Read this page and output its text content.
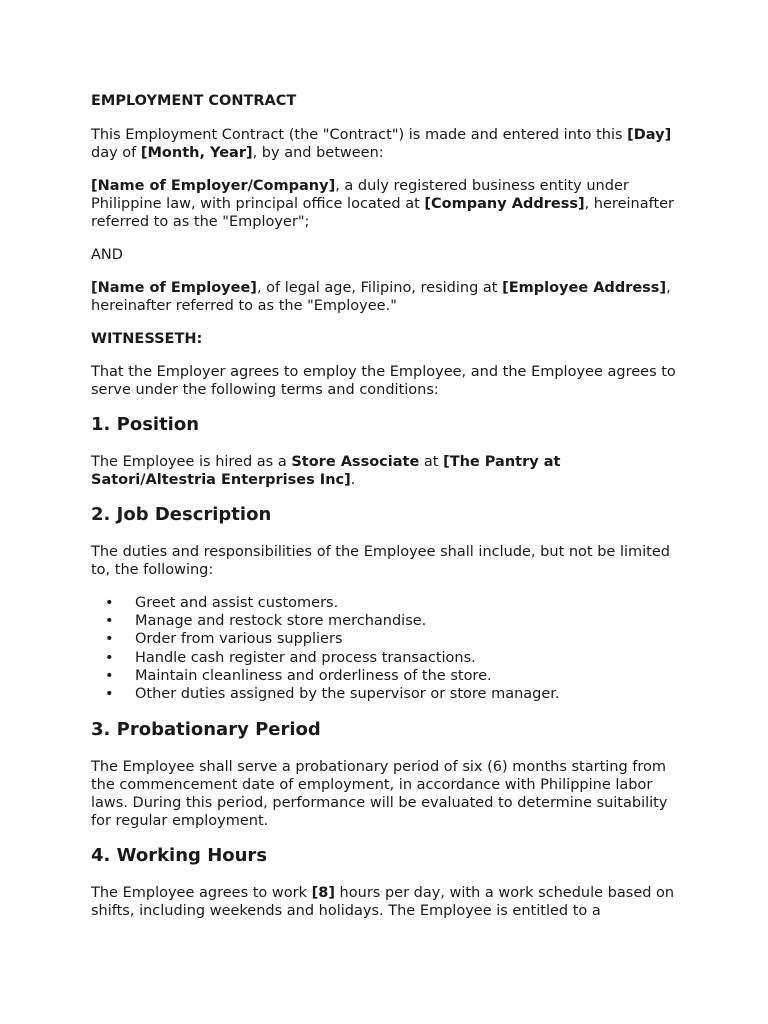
EMPLOYMENT CONTRACT

This Employment Contract (the "Contract") is made and entered into this [Day] day of [Month, Year], by and between:

[Name of Employer/Company], a duly registered business entity under Philippine law, with principal office located at [Company Address], hereinafter referred to as the "Employer";

AND

[Name of Employee], of legal age, Filipino, residing at [Employee Address], hereinafter referred to as the "Employee."

WITNESSETH:

That the Employer agrees to employ the Employee, and the Employee agrees to serve under the following terms and conditions:

1. Position

The Employee is hired as a Store Associate at [The Pantry at Satori/Altestria Enterprises Inc].

2. Job Description

The duties and responsibilities of the Employee shall include, but not be limited to, the following:

• Greet and assist customers.
• Manage and restock store merchandise.
• Order from various suppliers
• Handle cash register and process transactions.
• Maintain cleanliness and orderliness of the store.
• Other duties assigned by the supervisor or store manager.
3. Probationary Period

The Employee shall serve a probationary period of six (6) months starting from the commencement date of employment, in accordance with Philippine labor laws. During this period, performance will be evaluated to determine suitability for regular employment.

4. Working Hours

The Employee agrees to work [8] hours per day, with a work schedule based on shifts, including weekends and holidays. The Employee is entitled to a
